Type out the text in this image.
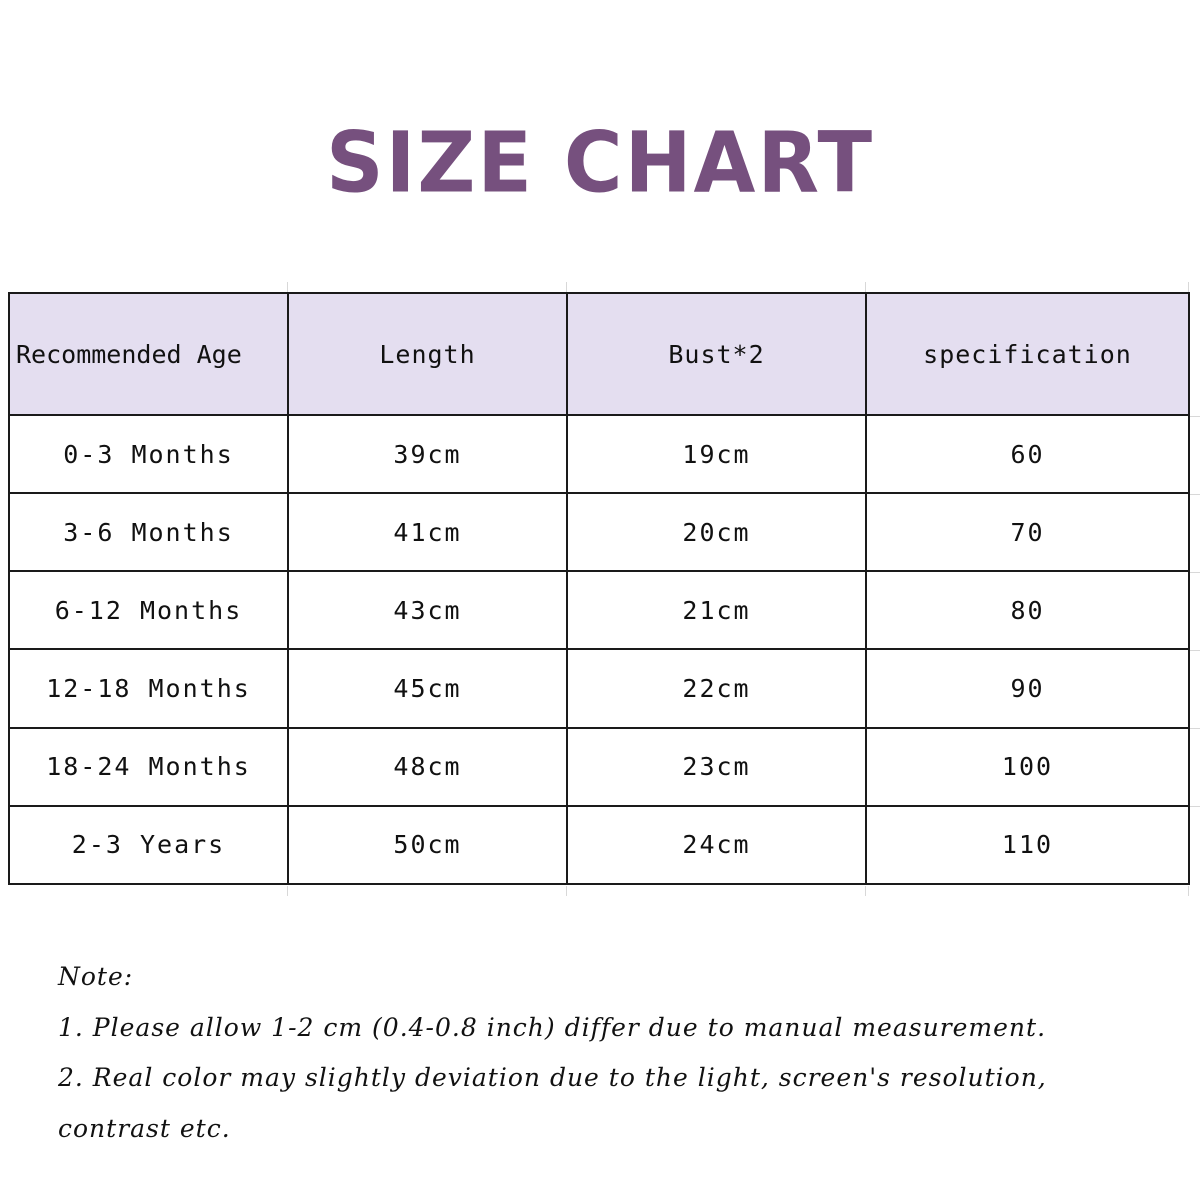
SIZE CHART
Recommended Age	Length	Bust*2	specification
0-3 Months	39cm	19cm	60
3-6 Months	41cm	20cm	70
6-12 Months	43cm	21cm	80
12-18 Months	45cm	22cm	90
18-24 Months	48cm	23cm	100
2-3 Years	50cm	24cm	110

Note:

1. Please allow 1-2 cm (0.4-0.8 inch) differ due to manual measurement.

2. Real color may slightly deviation due to the light, screen's resolution, contrast etc.
